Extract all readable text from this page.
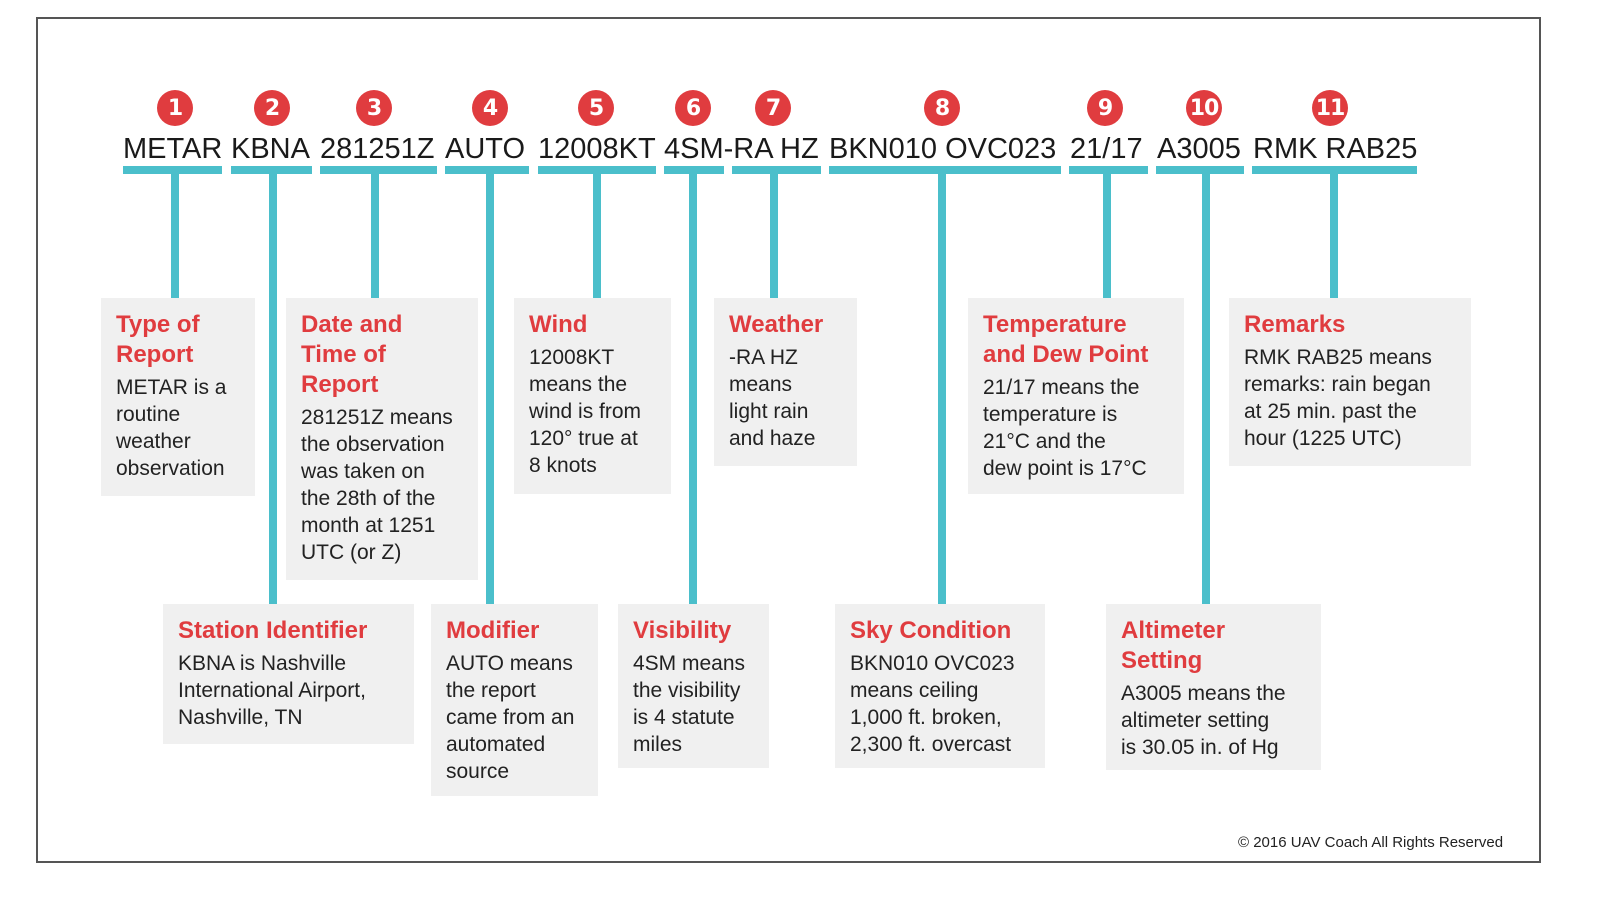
1	2	3	4	5	6	7	8	9	10	11
METAR KBNA 281251Z AUTO 12008KT 4SM-RA HZ BKN010 OVC023 21/17 A3005 RMK RAB25
Type of
Report
METAR is a
routine
weather
observation
Date and
Time of
Report
281251Z means
the observation
was taken on
the 28th of the
month at 1251
UTC (or Z)
Wind
12008KT
means the
wind is from
120° true at
8 knots
Weather
-RA HZ
means
light rain
and haze
Temperature
and Dew Point
21/17 means the
temperature is
21°C and the
dew point is 17°C
Remarks
RMK RAB25 means
remarks: rain began
at 25 min. past the
hour (1225 UTC)
Station Identifier
KBNA is Nashville
International Airport,
Nashville, TN
Modifier
AUTO means
the report
came from an
automated
source
Visibility
4SM means
the visibility
is 4 statute
miles
Sky Condition
BKN010 OVC023
means ceiling
1,000 ft. broken,
2,300 ft. overcast
Altimeter
Setting
A3005 means the
altimeter setting
is 30.05 in. of Hg
© 2016 UAV Coach All Rights Reserved
